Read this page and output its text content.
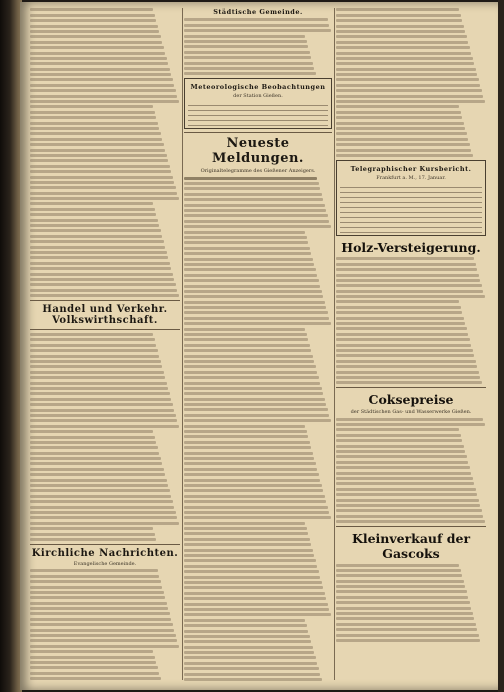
Handel und Verkehr. Volkswirthschaft.
Kirchliche Nachrichten.
Evangelische Gemeinde.
Städtische Gemeinde.
Meteorologische Beobachtungen
der Station Gießen.

Neueste Meldungen.
Originaltelegramme des Gießener Anzeigers.	Telegraphischer Kursbericht.
Frankfurt a. M., 17. Januar.

Holz-Versteigerung.
Coksepreise
der Städtischen Gas- und Wasserwerke Gießen.
Kleinverkauf der Gascoks
